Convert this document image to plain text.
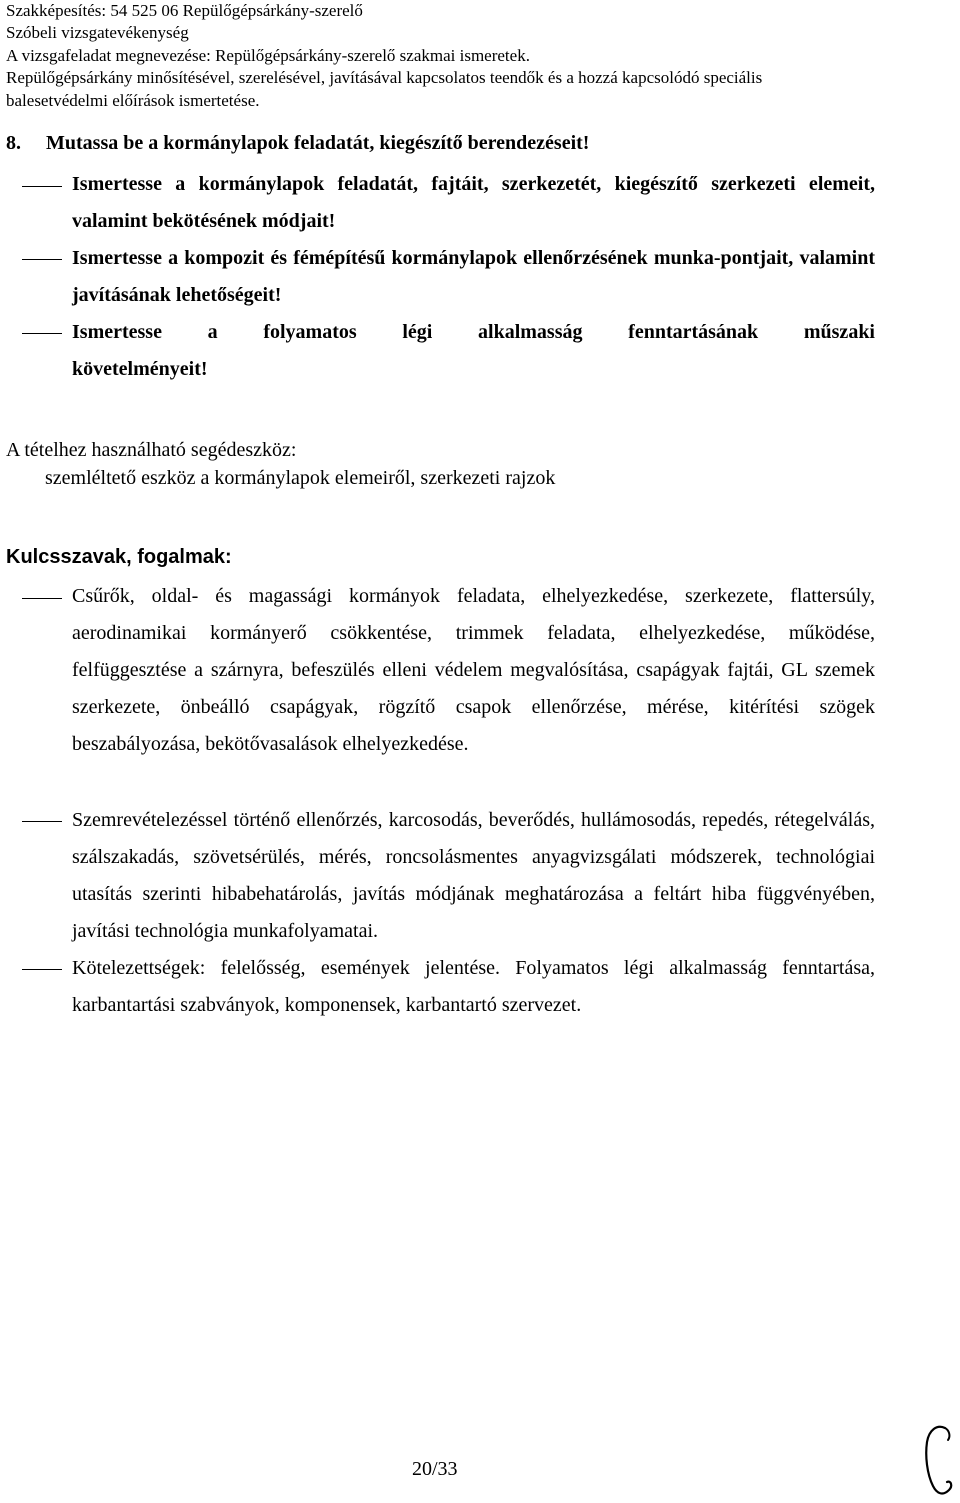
Szakképesítés: 54 525 06 Repülőgépsárkány-szerelő
Szóbeli vizsgatevékenység
A vizsgafeladat megnevezése: Repülőgépsárkány-szerelő szakmai ismeretek.
Repülőgépsárkány minősítésével, szerelésével, javításával kapcsolatos teendők és a hozzá kapcsolódó speciális
balesetvédelmi előírások ismertetése.
8. Mutassa be a kormánylapok feladatát, kiegészítő berendezéseit!
Ismertesse a kormánylapok feladatát, fajtáit, szerkezetét, kiegészítő szerkezeti elemeit, valamint bekötésének módjait!
Ismertesse a kompozit és fémépítésű kormánylapok ellenőrzésének munka-pontjait, valamint javításának lehetőségeit!
Ismertesse a folyamatos légi alkalmasság fenntartásának műszaki követelményeit!
A tételhez használható segédeszköz:
szemléltető eszköz a kormánylapok elemeiről, szerkezeti rajzok
Kulcsszavak, fogalmak:
Csűrők, oldal- és magassági kormányok feladata, elhelyezkedése, szerkezete, flattersúly, aerodinamikai kormányerő csökkentése, trimmek feladata, elhelyezkedése, működése, felfüggesztése a szárnyra, befeszülés elleni védelem megvalósítása, csapágyak fajtái, GL szemek szerkezete, önbeálló csapágyak, rögzítő csapok ellenőrzése, mérése, kitérítési szögek beszabályozása, bekötővasalások elhelyezkedése.
Szemrevételezéssel történő ellenőrzés, karcosodás, beverődés, hullámosodás, repedés, rétegelválás, szálszakadás, szövetsérülés, mérés, roncsolásmentes anyagvizsgálati módszerek, technológiai utasítás szerinti hibabehatárolás, javítás módjának meghatározása a feltárt hiba függvényében, javítási technológia munkafolyamatai.
Kötelezettségek: felelősség, események jelentése. Folyamatos légi alkalmasság fenntartása, karbantartási szabványok, komponensek, karbantartó szervezet.
20/33
